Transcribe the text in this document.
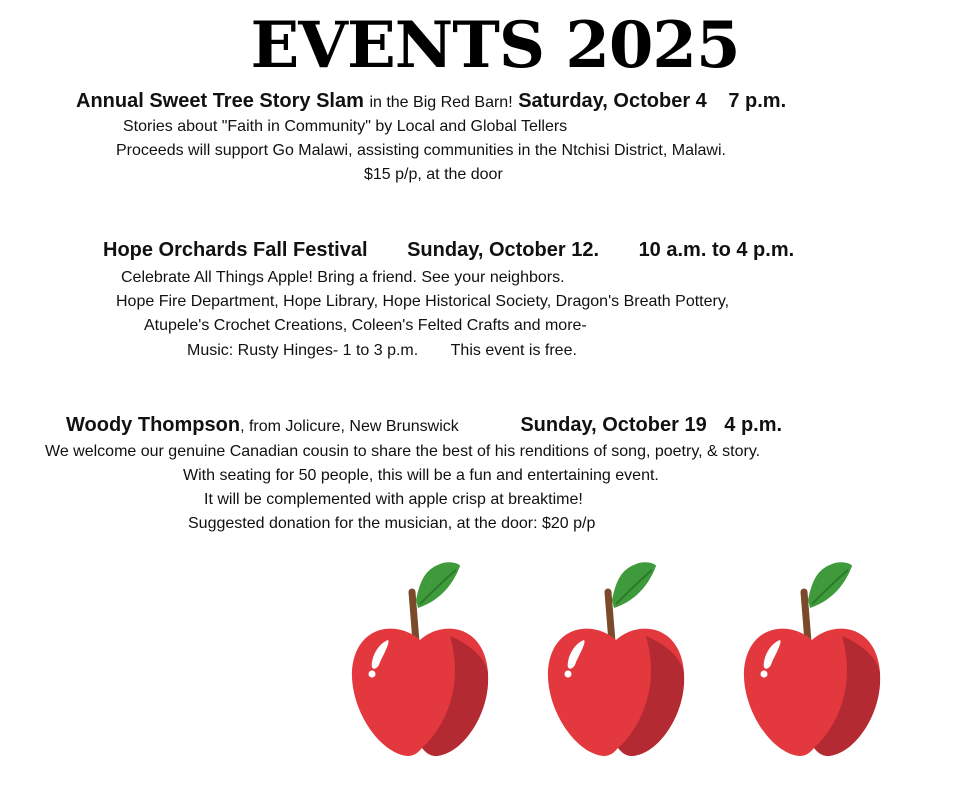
EVENTS 2025
Annual Sweet Tree Story Slam in the Big Red Barn! Saturday, October 4 7 p.m.
Stories about "Faith in Community" by Local and Global Tellers
Proceeds will support Go Malawi, assisting communities in the Ntchisi District, Malawi.
$15 p/p, at the door
Hope Orchards Fall Festival Sunday, October 12. 10 a.m. to 4 p.m.
Celebrate All Things Apple! Bring a friend. See your neighbors.
Hope Fire Department, Hope Library, Hope Historical Society, Dragon's Breath Pottery,
Atupele's Crochet Creations, Coleen's Felted Crafts and more-
Music: Rusty Hinges- 1 to 3 p.m. This event is free.
Woody Thompson, from Jolicure, New Brunswick	Sunday, October 19 4 p.m.
We welcome our genuine Canadian cousin to share the best of his renditions of song, poetry, & story.
With seating for 50 people, this will be a fun and entertaining event.
It will be complemented with apple crisp at breaktime!
Suggested donation for the musician, at the door: $20 p/p
